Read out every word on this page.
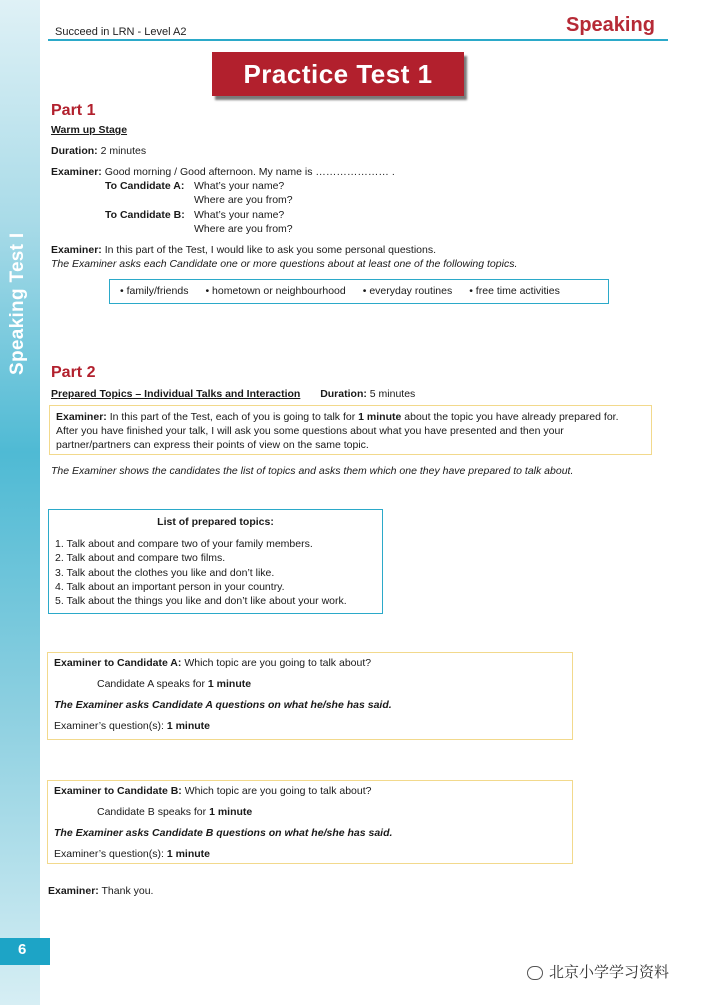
Speaking Test I
6
Succeed in LRN - Level A2	Speaking
Practice Test 1
Part 1
Warm up Stage
Duration: 2 minutes
Examiner: Good morning / Good afternoon. My name is ………………… .
To Candidate A: What’s your name?
Where are you from?
To Candidate B: What’s your name?
Where are you from?
Examiner: In this part of the Test, I would like to ask you some personal questions.
The Examiner asks each Candidate one or more questions about at least one of the following topics.
• family/friends • hometown or neighbourhood • everyday routines • free time activities
Part 2
Prepared Topics – Individual Talks and Interaction Duration: 5 minutes
Examiner: In this part of the Test, each of you is going to talk for 1 minute about the topic you have already prepared for.
After you have finished your talk, I will ask you some questions about what you have presented and then your
partner/partners can express their points of view on the same topic.
The Examiner shows the candidates the list of topics and asks them which one they have prepared to talk about.
List of prepared topics:
1. Talk about and compare two of your family members.
2. Talk about and compare two films.
3. Talk about the clothes you like and don’t like.
4. Talk about an important person in your country.
5. Talk about the things you like and don’t like about your work.
Examiner to Candidate A: Which topic are you going to talk about?
Candidate A speaks for 1 minute
The Examiner asks Candidate A questions on what he/she has said.
Examiner’s question(s): 1 minute
Examiner to Candidate B: Which topic are you going to talk about?
Candidate B speaks for 1 minute
The Examiner asks Candidate B questions on what he/she has said.
Examiner’s question(s): 1 minute
Examiner: Thank you.
北京小学学习资料
